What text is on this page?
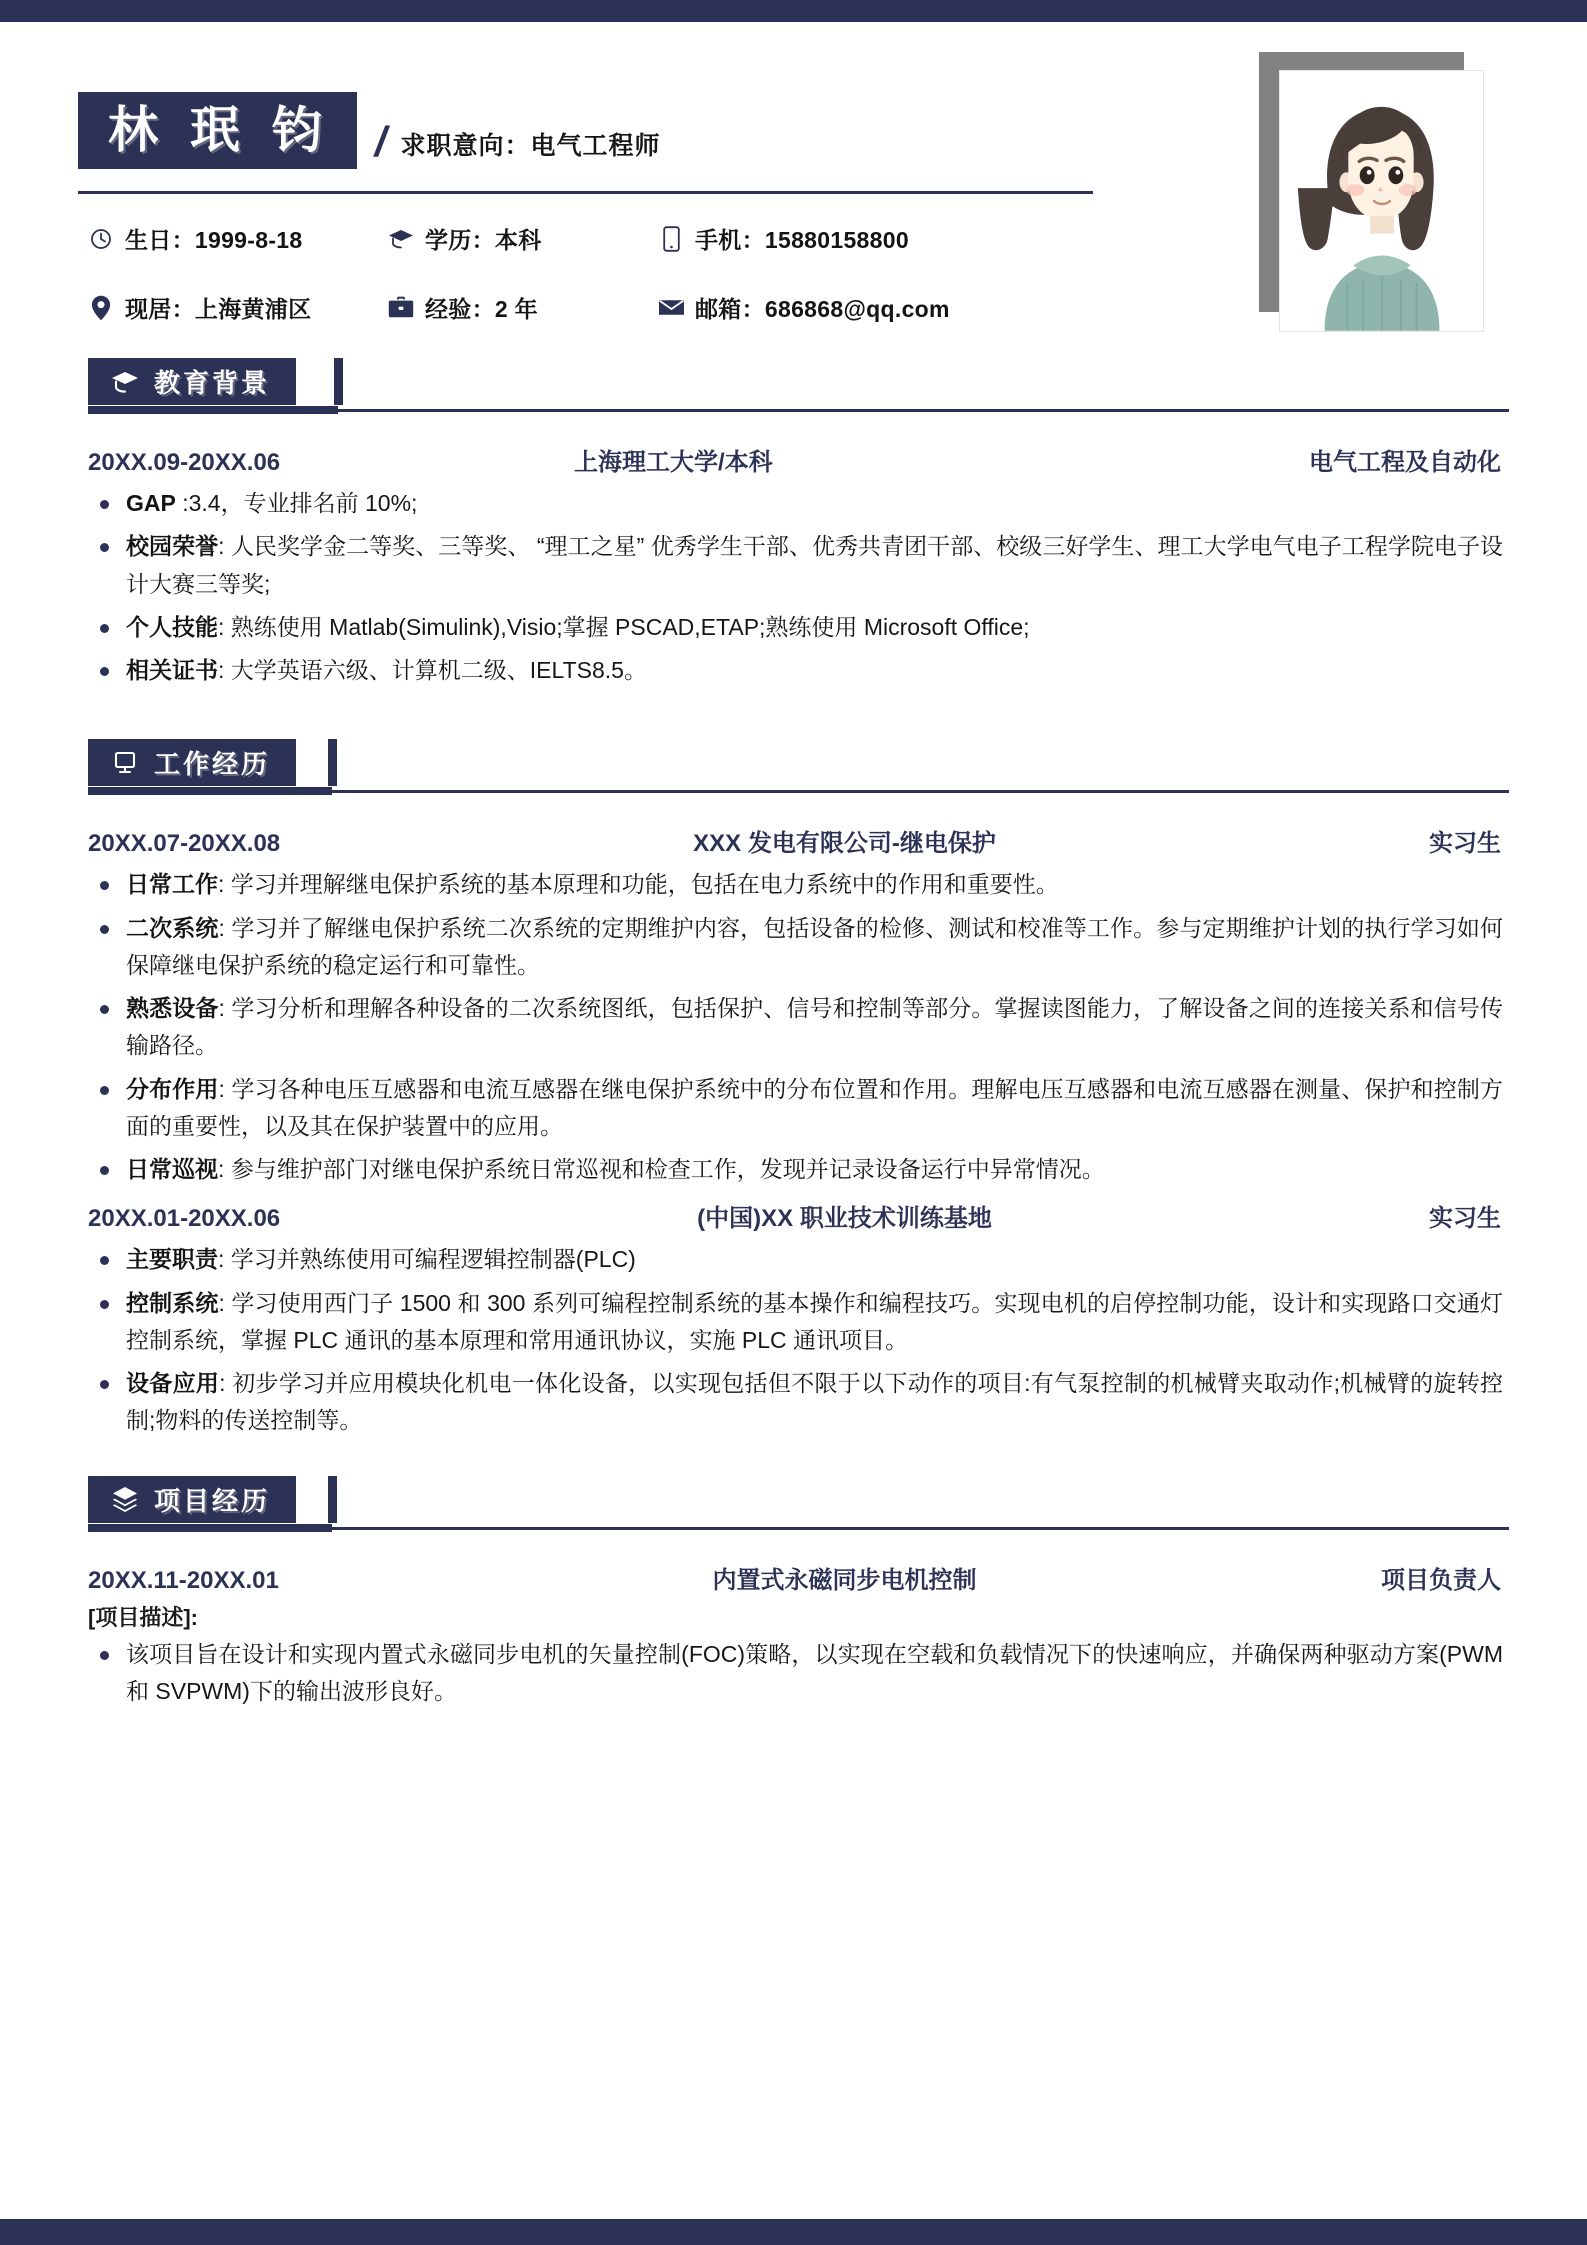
林 珉 钧	/ 求职意向：电气工程师
生日：1999-8-18	学历：本科	手机：15880158800
现居：上海黄浦区	经验：2 年	邮箱：686868@qq.com
教育背景
20XX.09-20XX.06	上海理工大学/本科	电气工程及自动化
GAP :3.4，专业排名前 10%;
校园荣誉: 人民奖学金二等奖、三等奖、 “理工之星” 优秀学生干部、优秀共青团干部、校级三好学生、理工大学电气电子工程学院电子设计大赛三等奖;
个人技能: 熟练使用 Matlab(Simulink),Visio;掌握 PSCAD,ETAP;熟练使用 Microsoft Office;
相关证书: 大学英语六级、计算机二级、IELTS8.5。
工作经历
20XX.07-20XX.08	XXX 发电有限公司-继电保护	实习生
日常工作: 学习并理解继电保护系统的基本原理和功能，包括在电力系统中的作用和重要性。
二次系统: 学习并了解继电保护系统二次系统的定期维护内容，包括设备的检修、测试和校准等工作。参与定期维护计划的执行学习如何保障继电保护系统的稳定运行和可靠性。
熟悉设备: 学习分析和理解各种设备的二次系统图纸，包括保护、信号和控制等部分。掌握读图能力，了解设备之间的连接关系和信号传输路径。
分布作用: 学习各种电压互感器和电流互感器在继电保护系统中的分布位置和作用。理解电压互感器和电流互感器在测量、保护和控制方面的重要性，以及其在保护装置中的应用。
日常巡视: 参与维护部门对继电保护系统日常巡视和检查工作，发现并记录设备运行中异常情况。
20XX.01-20XX.06	(中国)XX 职业技术训练基地	实习生
主要职责: 学习并熟练使用可编程逻辑控制器(PLC)
控制系统: 学习使用西门子 1500 和 300 系列可编程控制系统的基本操作和编程技巧。实现电机的启停控制功能，设计和实现路口交通灯控制系统，掌握 PLC 通讯的基本原理和常用通讯协议，实施 PLC 通讯项目。
设备应用: 初步学习并应用模块化机电一体化设备，以实现包括但不限于以下动作的项目:有气泵控制的机械臂夹取动作;机械臂的旋转控制;物料的传送控制等。
项目经历
20XX.11-20XX.01	内置式永磁同步电机控制	项目负责人
[项目描述]:
该项目旨在设计和实现内置式永磁同步电机的矢量控制(FOC)策略，以实现在空载和负载情况下的快速响应，并确保两种驱动方案(PWM 和 SVPWM)下的输出波形良好。
